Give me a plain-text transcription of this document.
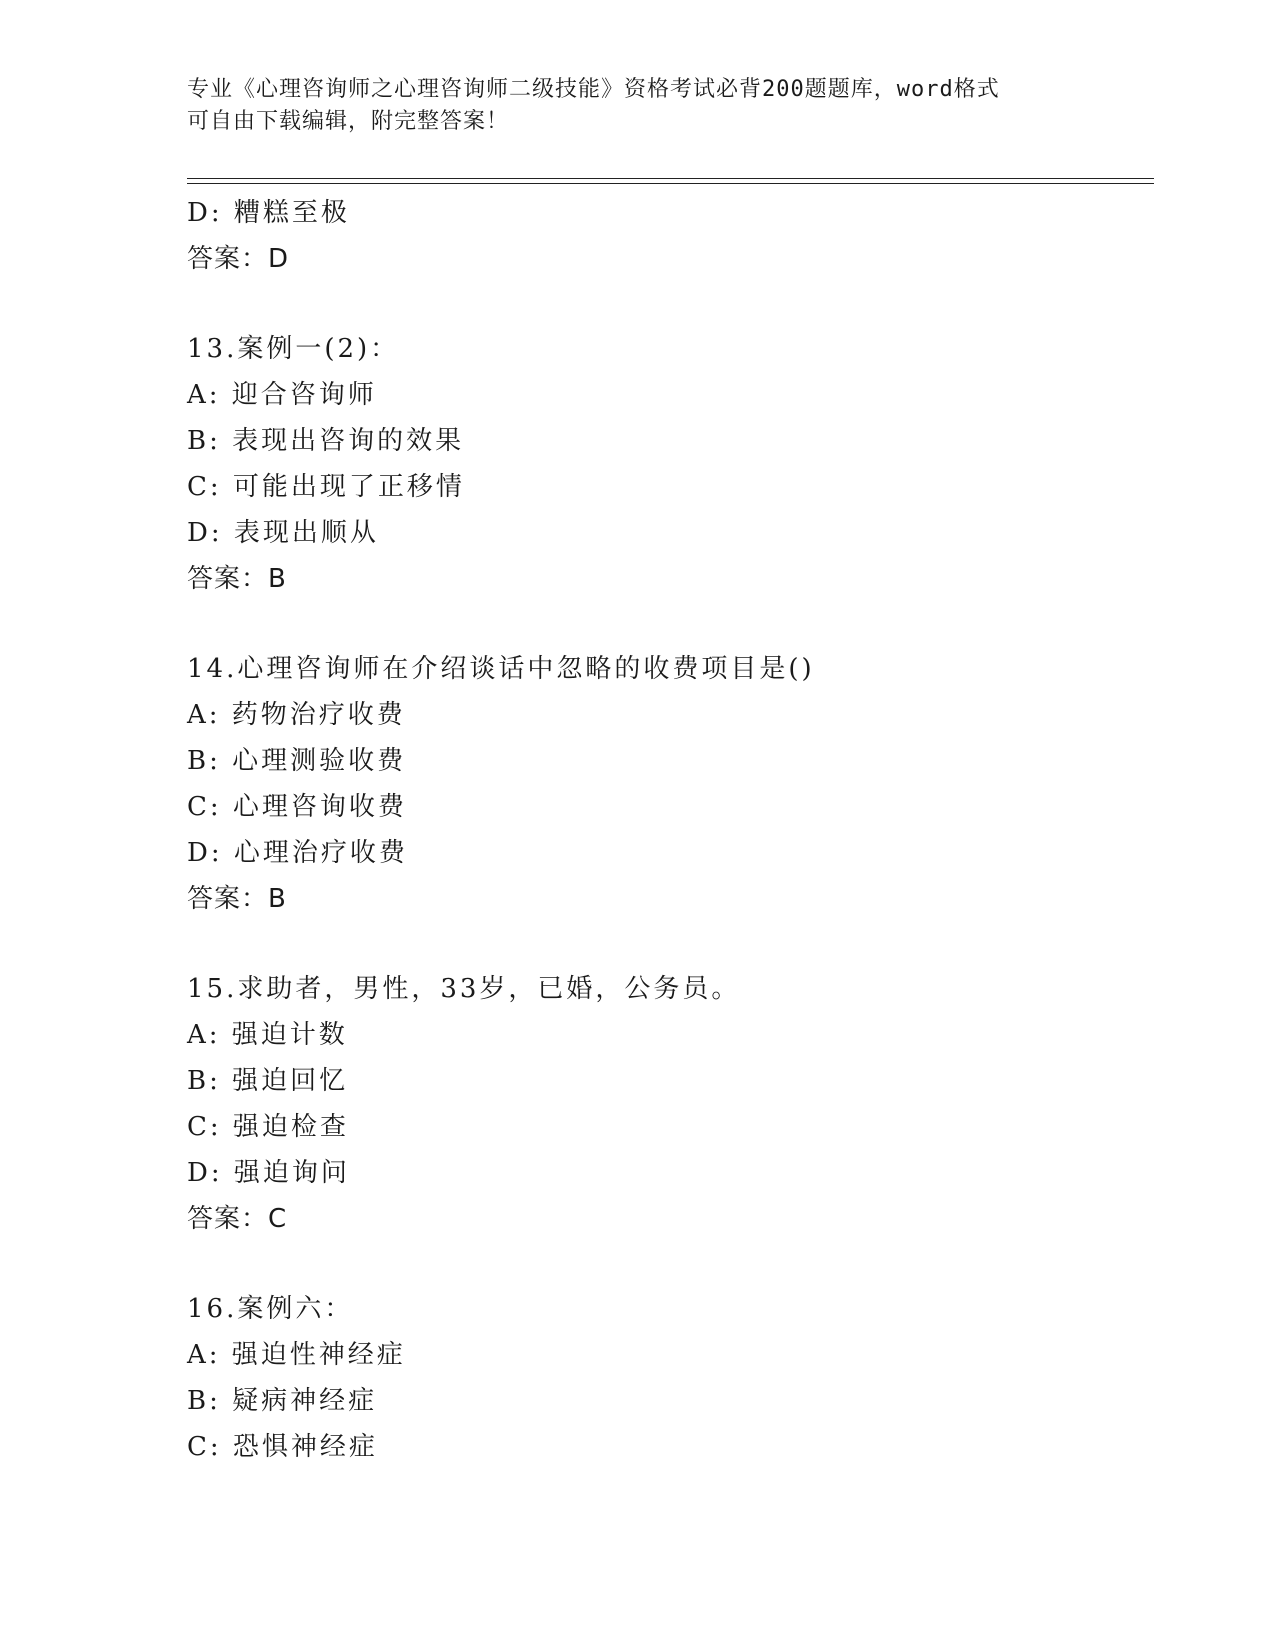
专业《心理咨询师之心理咨询师二级技能》资格考试必背200题题库，word格式
可自由下载编辑，附完整答案！
D: 糟糕至极
答案：D
13.案例一(2)：
A: 迎合咨询师
B: 表现出咨询的效果
C: 可能出现了正移情
D: 表现出顺从
答案：B
14.心理咨询师在介绍谈话中忽略的收费项目是()
A: 药物治疗收费
B: 心理测验收费
C: 心理咨询收费
D: 心理治疗收费
答案：B
15.求助者，男性，33岁，已婚，公务员。
A: 强迫计数
B: 强迫回忆
C: 强迫检查
D: 强迫询问
答案：C
16.案例六：
A: 强迫性神经症
B: 疑病神经症
C: 恐惧神经症
